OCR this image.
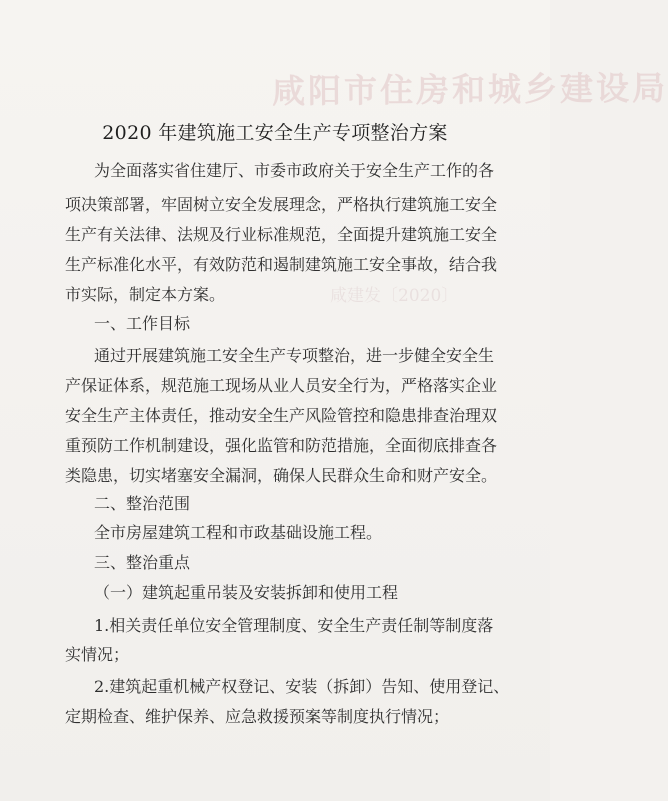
咸阳市住房和城乡建设局
咸建发〔2020〕
2020 年建筑施工安全生产专项整治方案
为全面落实省住建厅、市委市政府关于安全生产工作的各
项决策部署，牢固树立安全发展理念，严格执行建筑施工安全
生产有关法律、法规及行业标准规范，全面提升建筑施工安全
生产标准化水平，有效防范和遏制建筑施工安全事故，结合我
市实际，制定本方案。
一、工作目标
通过开展建筑施工安全生产专项整治，进一步健全安全生
产保证体系，规范施工现场从业人员安全行为，严格落实企业
安全生产主体责任，推动安全生产风险管控和隐患排查治理双
重预防工作机制建设，强化监管和防范措施，全面彻底排查各
类隐患，切实堵塞安全漏洞，确保人民群众生命和财产安全。
二、整治范围
全市房屋建筑工程和市政基础设施工程。
三、整治重点
（一）建筑起重吊装及安装拆卸和使用工程
1.相关责任单位安全管理制度、安全生产责任制等制度落
实情况；
2.建筑起重机械产权登记、安装（拆卸）告知、使用登记、
定期检查、维护保养、应急救援预案等制度执行情况；
